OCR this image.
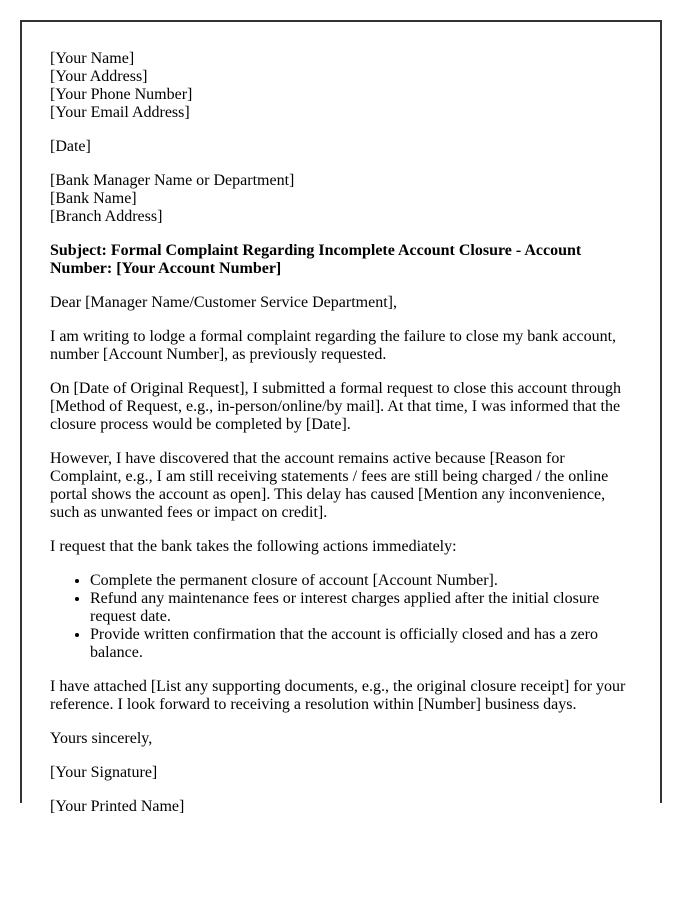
[Your Name]
[Your Address]
[Your Phone Number]
[Your Email Address]
[Date]
[Bank Manager Name or Department]
[Bank Name]
[Branch Address]
Subject: Formal Complaint Regarding Incomplete Account Closure - Account Number: [Your Account Number]
Dear [Manager Name/Customer Service Department],
I am writing to lodge a formal complaint regarding the failure to close my bank account, number [Account Number], as previously requested.
On [Date of Original Request], I submitted a formal request to close this account through [Method of Request, e.g., in-person/online/by mail]. At that time, I was informed that the closure process would be completed by [Date].
However, I have discovered that the account remains active because [Reason for Complaint, e.g., I am still receiving statements / fees are still being charged / the online portal shows the account as open]. This delay has caused [Mention any inconvenience, such as unwanted fees or impact on credit].
I request that the bank takes the following actions immediately:
• Complete the permanent closure of account [Account Number].
• Refund any maintenance fees or interest charges applied after the initial closure request date.
• Provide written confirmation that the account is officially closed and has a zero balance.
I have attached [List any supporting documents, e.g., the original closure receipt] for your reference. I look forward to receiving a resolution within [Number] business days.
Yours sincerely,
[Your Signature]
[Your Printed Name]
